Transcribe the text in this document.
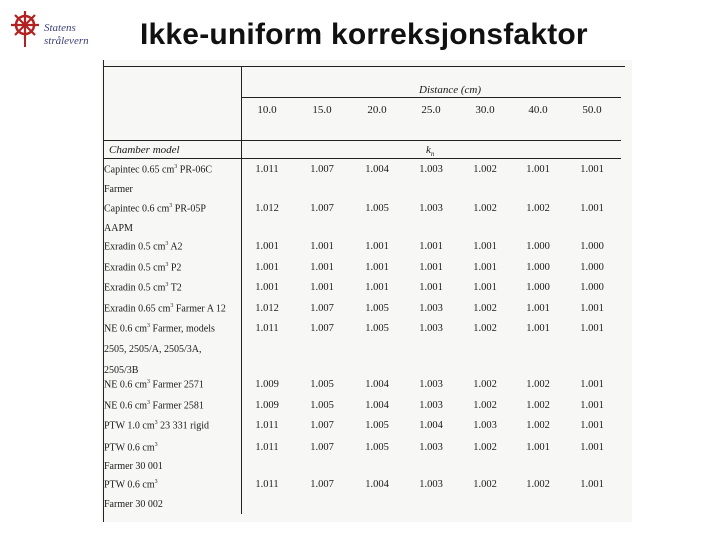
Statens
strålevern Ikke-uniform korreksjonsfaktor
Distance (cm)
Chamber model	$k_n$
10.0	15.0	20.0	25.0	30.0	40.0	50.0
Capintec 0.65 $cm^3$ PR-06C	1.011	1.007	1.004	1.003	1.002	1.001	1.001
Farmer
Capintec 0.6 $cm^3$ PR-05P	1.012	1.007	1.005	1.003	1.002	1.002	1.001
AAPM
Exradin 0.5 $cm^3$ A2	1.001	1.001	1.001	1.001	1.001	1.000	1.000
Exradin 0.5 $cm^3$ P2	1.001	1.001	1.001	1.001	1.001	1.000	1.000
Exradin 0.5 $cm^3$ T2	1.001	1.001	1.001	1.001	1.001	1.000	1.000
Exradin 0.65 $cm^3$ Farmer A 12	1.012	1.007	1.005	1.003	1.002	1.001	1.001
NE 0.6 $cm^3$ Farmer, models	1.011	1.007	1.005	1.003	1.002	1.001	1.001
2505, 2505/A, 2505/3A,
2505/3B
NE 0.6 $cm^3$ Farmer 2571	1.009	1.005	1.004	1.003	1.002	1.002	1.001
NE 0.6 $cm^3$ Farmer 2581	1.009	1.005	1.004	1.003	1.002	1.002	1.001
PTW 1.0 $cm^3$ 23 331 rigid	1.011	1.007	1.005	1.004	1.003	1.002	1.001
PTW 0.6 $cm^3$	1.011	1.007	1.005	1.003	1.002	1.001	1.001
Farmer 30 001
PTW 0.6 $cm^3$	1.011	1.007	1.004	1.003	1.002	1.002	1.001
Farmer 30 002
